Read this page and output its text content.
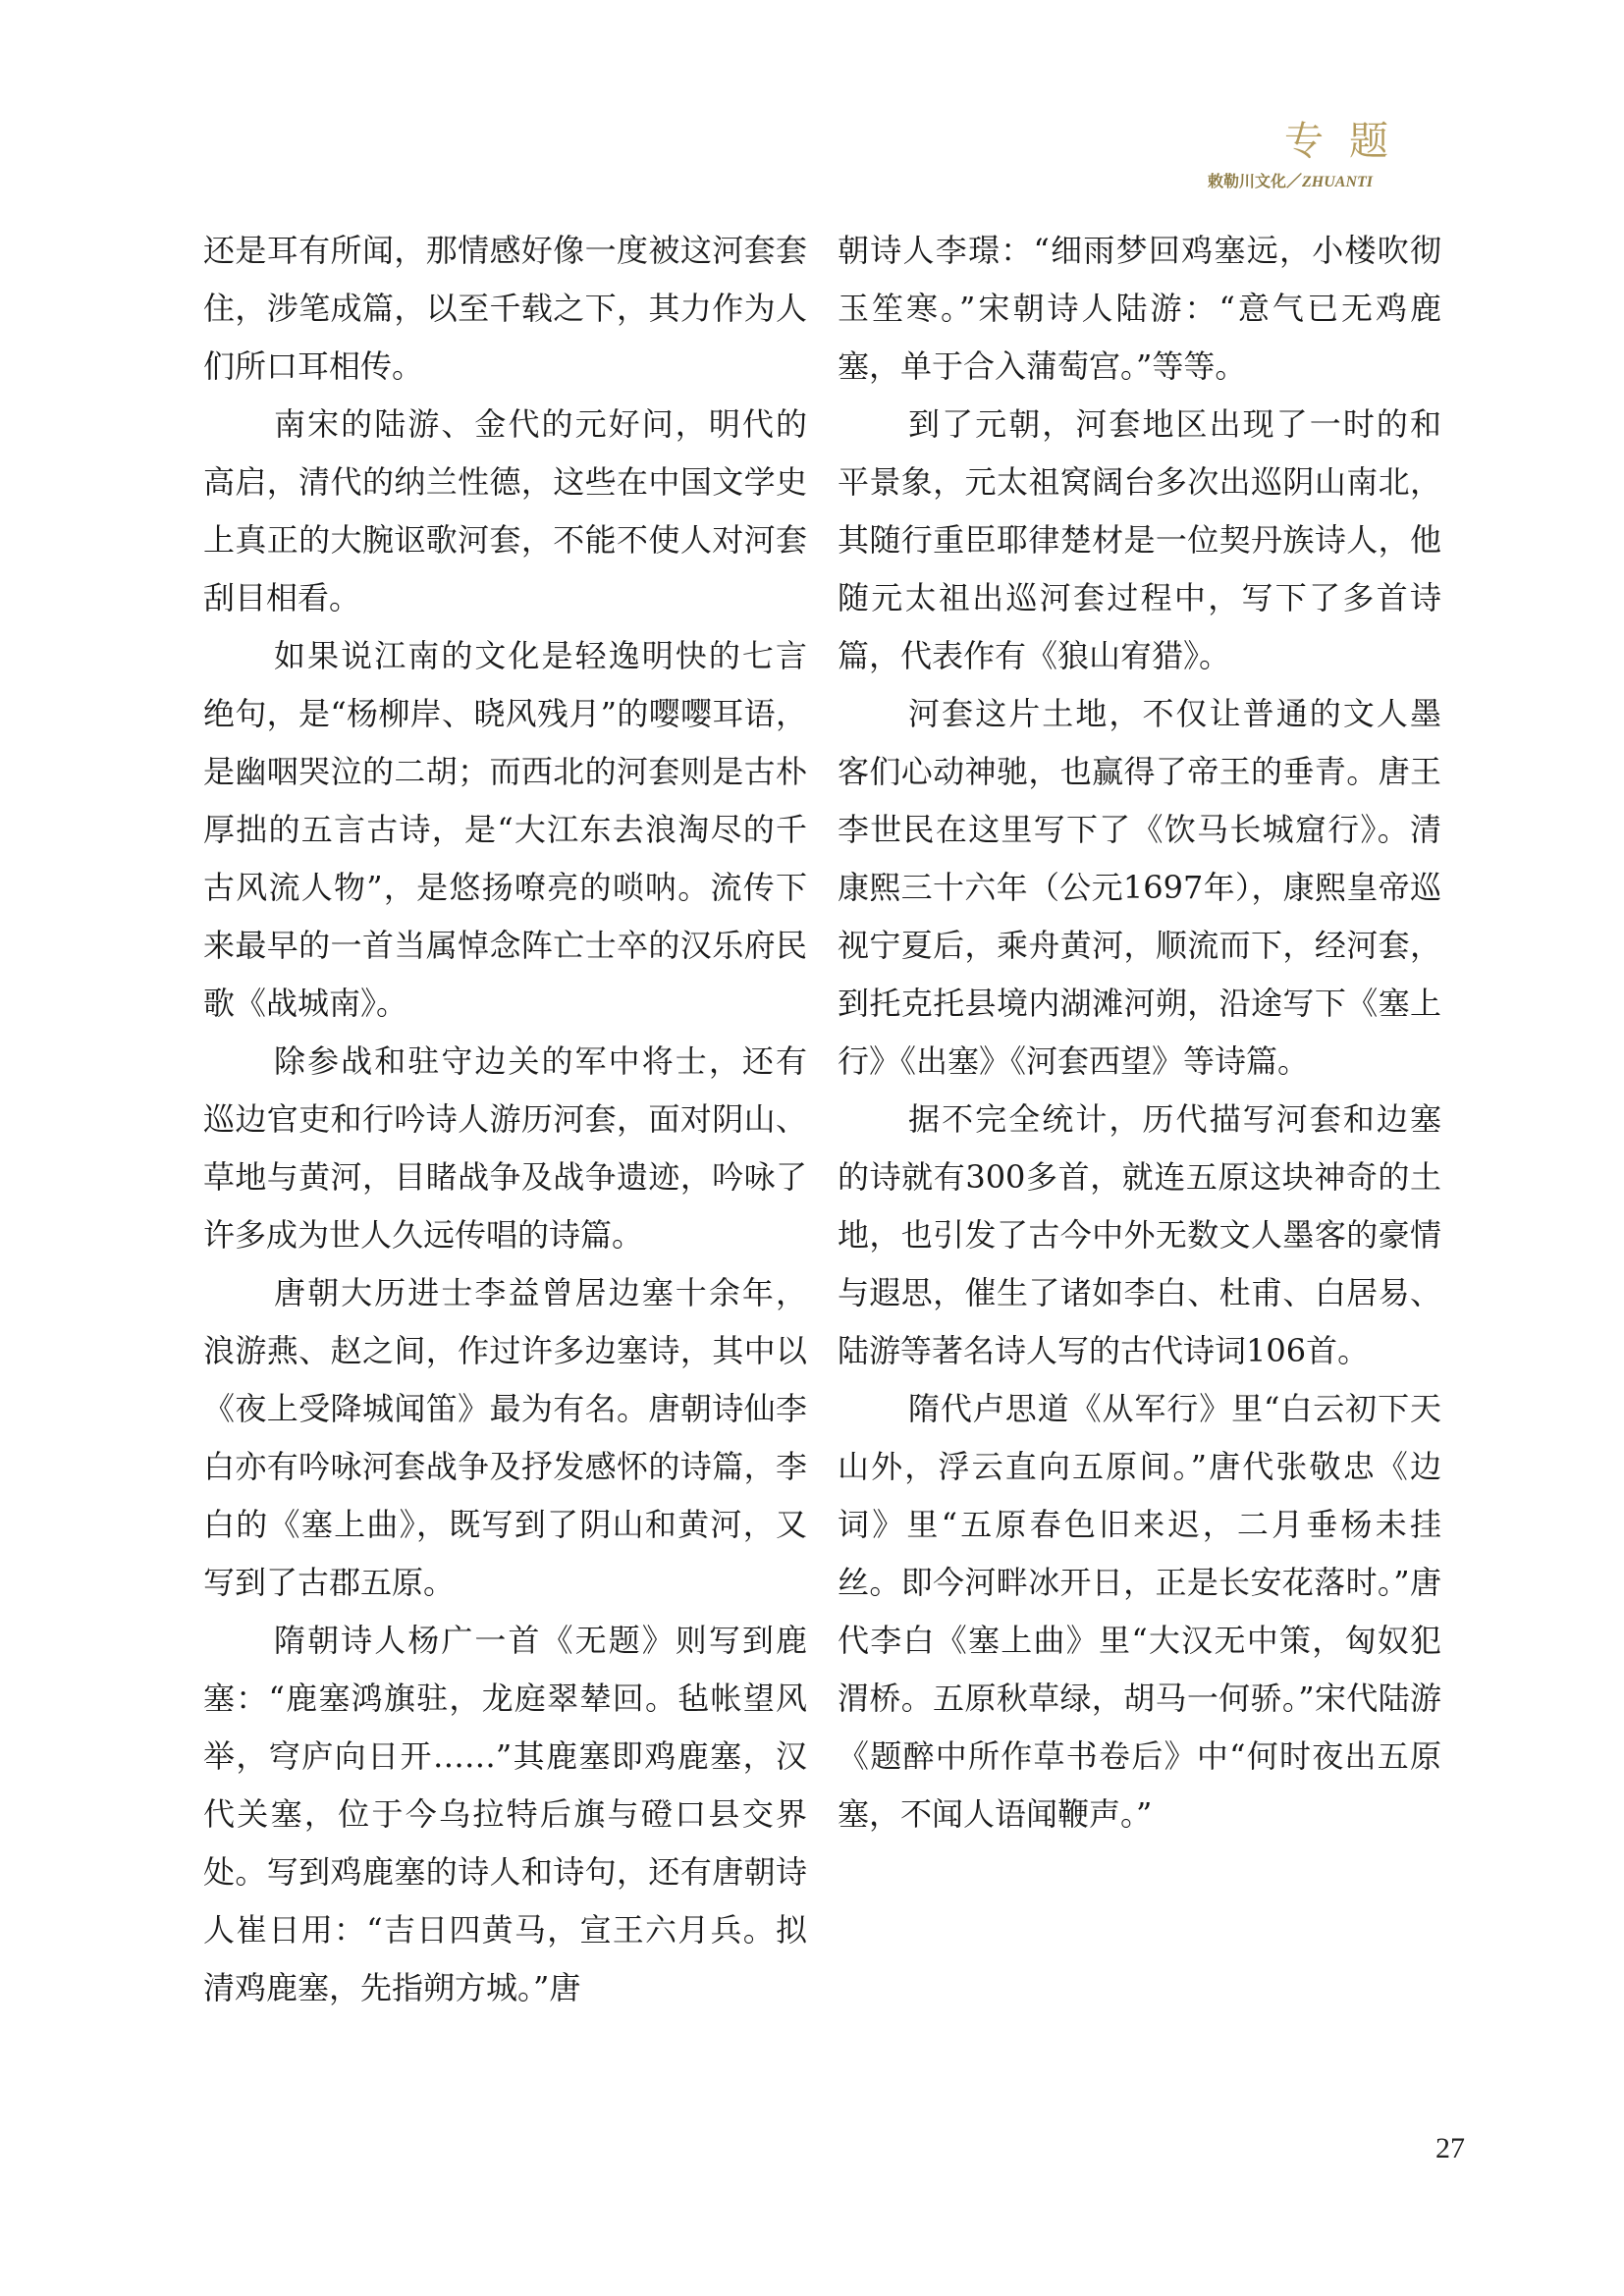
专题
敕勒川文化／ZHUANTI

还是耳有所闻，那情感好像一度被这河套套住，涉笔成篇，以至千载之下，其力作为人们所口耳相传。

南宋的陆游、金代的元好问，明代的高启，清代的纳兰性德，这些在中国文学史上真正的大腕讴歌河套，不能不使人对河套刮目相看。

如果说江南的文化是轻逸明快的七言绝句，是“杨柳岸、晓风残月”的嘤嘤耳语，是幽咽哭泣的二胡；而西北的河套则是古朴厚拙的五言古诗，是“大江东去浪淘尽的千古风流人物”，是悠扬嘹亮的唢呐。流传下来最早的一首当属悼念阵亡士卒的汉乐府民歌《战城南》。

除参战和驻守边关的军中将士，还有巡边官吏和行吟诗人游历河套，面对阴山、草地与黄河，目睹战争及战争遗迹，吟咏了许多成为世人久远传唱的诗篇。

唐朝大历进士李益曾居边塞十余年，浪游燕、赵之间，作过许多边塞诗，其中以《夜上受降城闻笛》最为有名。唐朝诗仙李白亦有吟咏河套战争及抒发感怀的诗篇，李白的《塞上曲》，既写到了阴山和黄河，又写到了古郡五原。

隋朝诗人杨广一首《无题》则写到鹿塞：“鹿塞鸿旗驻，龙庭翠辇回。毡帐望风举，穹庐向日开……”其鹿塞即鸡鹿塞，汉代关塞，位于今乌拉特后旗与磴口县交界处。写到鸡鹿塞的诗人和诗句，还有唐朝诗人崔日用：“吉日四黄马，宣王六月兵。拟清鸡鹿塞，先指朔方城。”唐

朝诗人李璟：“细雨梦回鸡塞远，小楼吹彻玉笙寒。”宋朝诗人陆游：“意气已无鸡鹿塞，单于合入蒲萄宫。”等等。

到了元朝，河套地区出现了一时的和平景象，元太祖窝阔台多次出巡阴山南北，其随行重臣耶律楚材是一位契丹族诗人，他随元太祖出巡河套过程中，写下了多首诗篇，代表作有《狼山宥猎》。

河套这片土地，不仅让普通的文人墨客们心动神驰，也赢得了帝王的垂青。唐王李世民在这里写下了《饮马长城窟行》。清康熙三十六年（公元1697年），康熙皇帝巡视宁夏后，乘舟黄河，顺流而下，经河套，到托克托县境内湖滩河朔，沿途写下《塞上行》《出塞》《河套西望》等诗篇。

据不完全统计，历代描写河套和边塞的诗就有300多首，就连五原这块神奇的土地，也引发了古今中外无数文人墨客的豪情与遐思，催生了诸如李白、杜甫、白居易、陆游等著名诗人写的古代诗词106首。

隋代卢思道《从军行》里“白云初下天山外，浮云直向五原间。”唐代张敬忠《边词》里“五原春色旧来迟，二月垂杨未挂丝。即今河畔冰开日，正是长安花落时。”唐代李白《塞上曲》里“大汉无中策，匈奴犯渭桥。五原秋草绿，胡马一何骄。”宋代陆游《题醉中所作草书卷后》中“何时夜出五原塞，不闻人语闻鞭声。”

27
